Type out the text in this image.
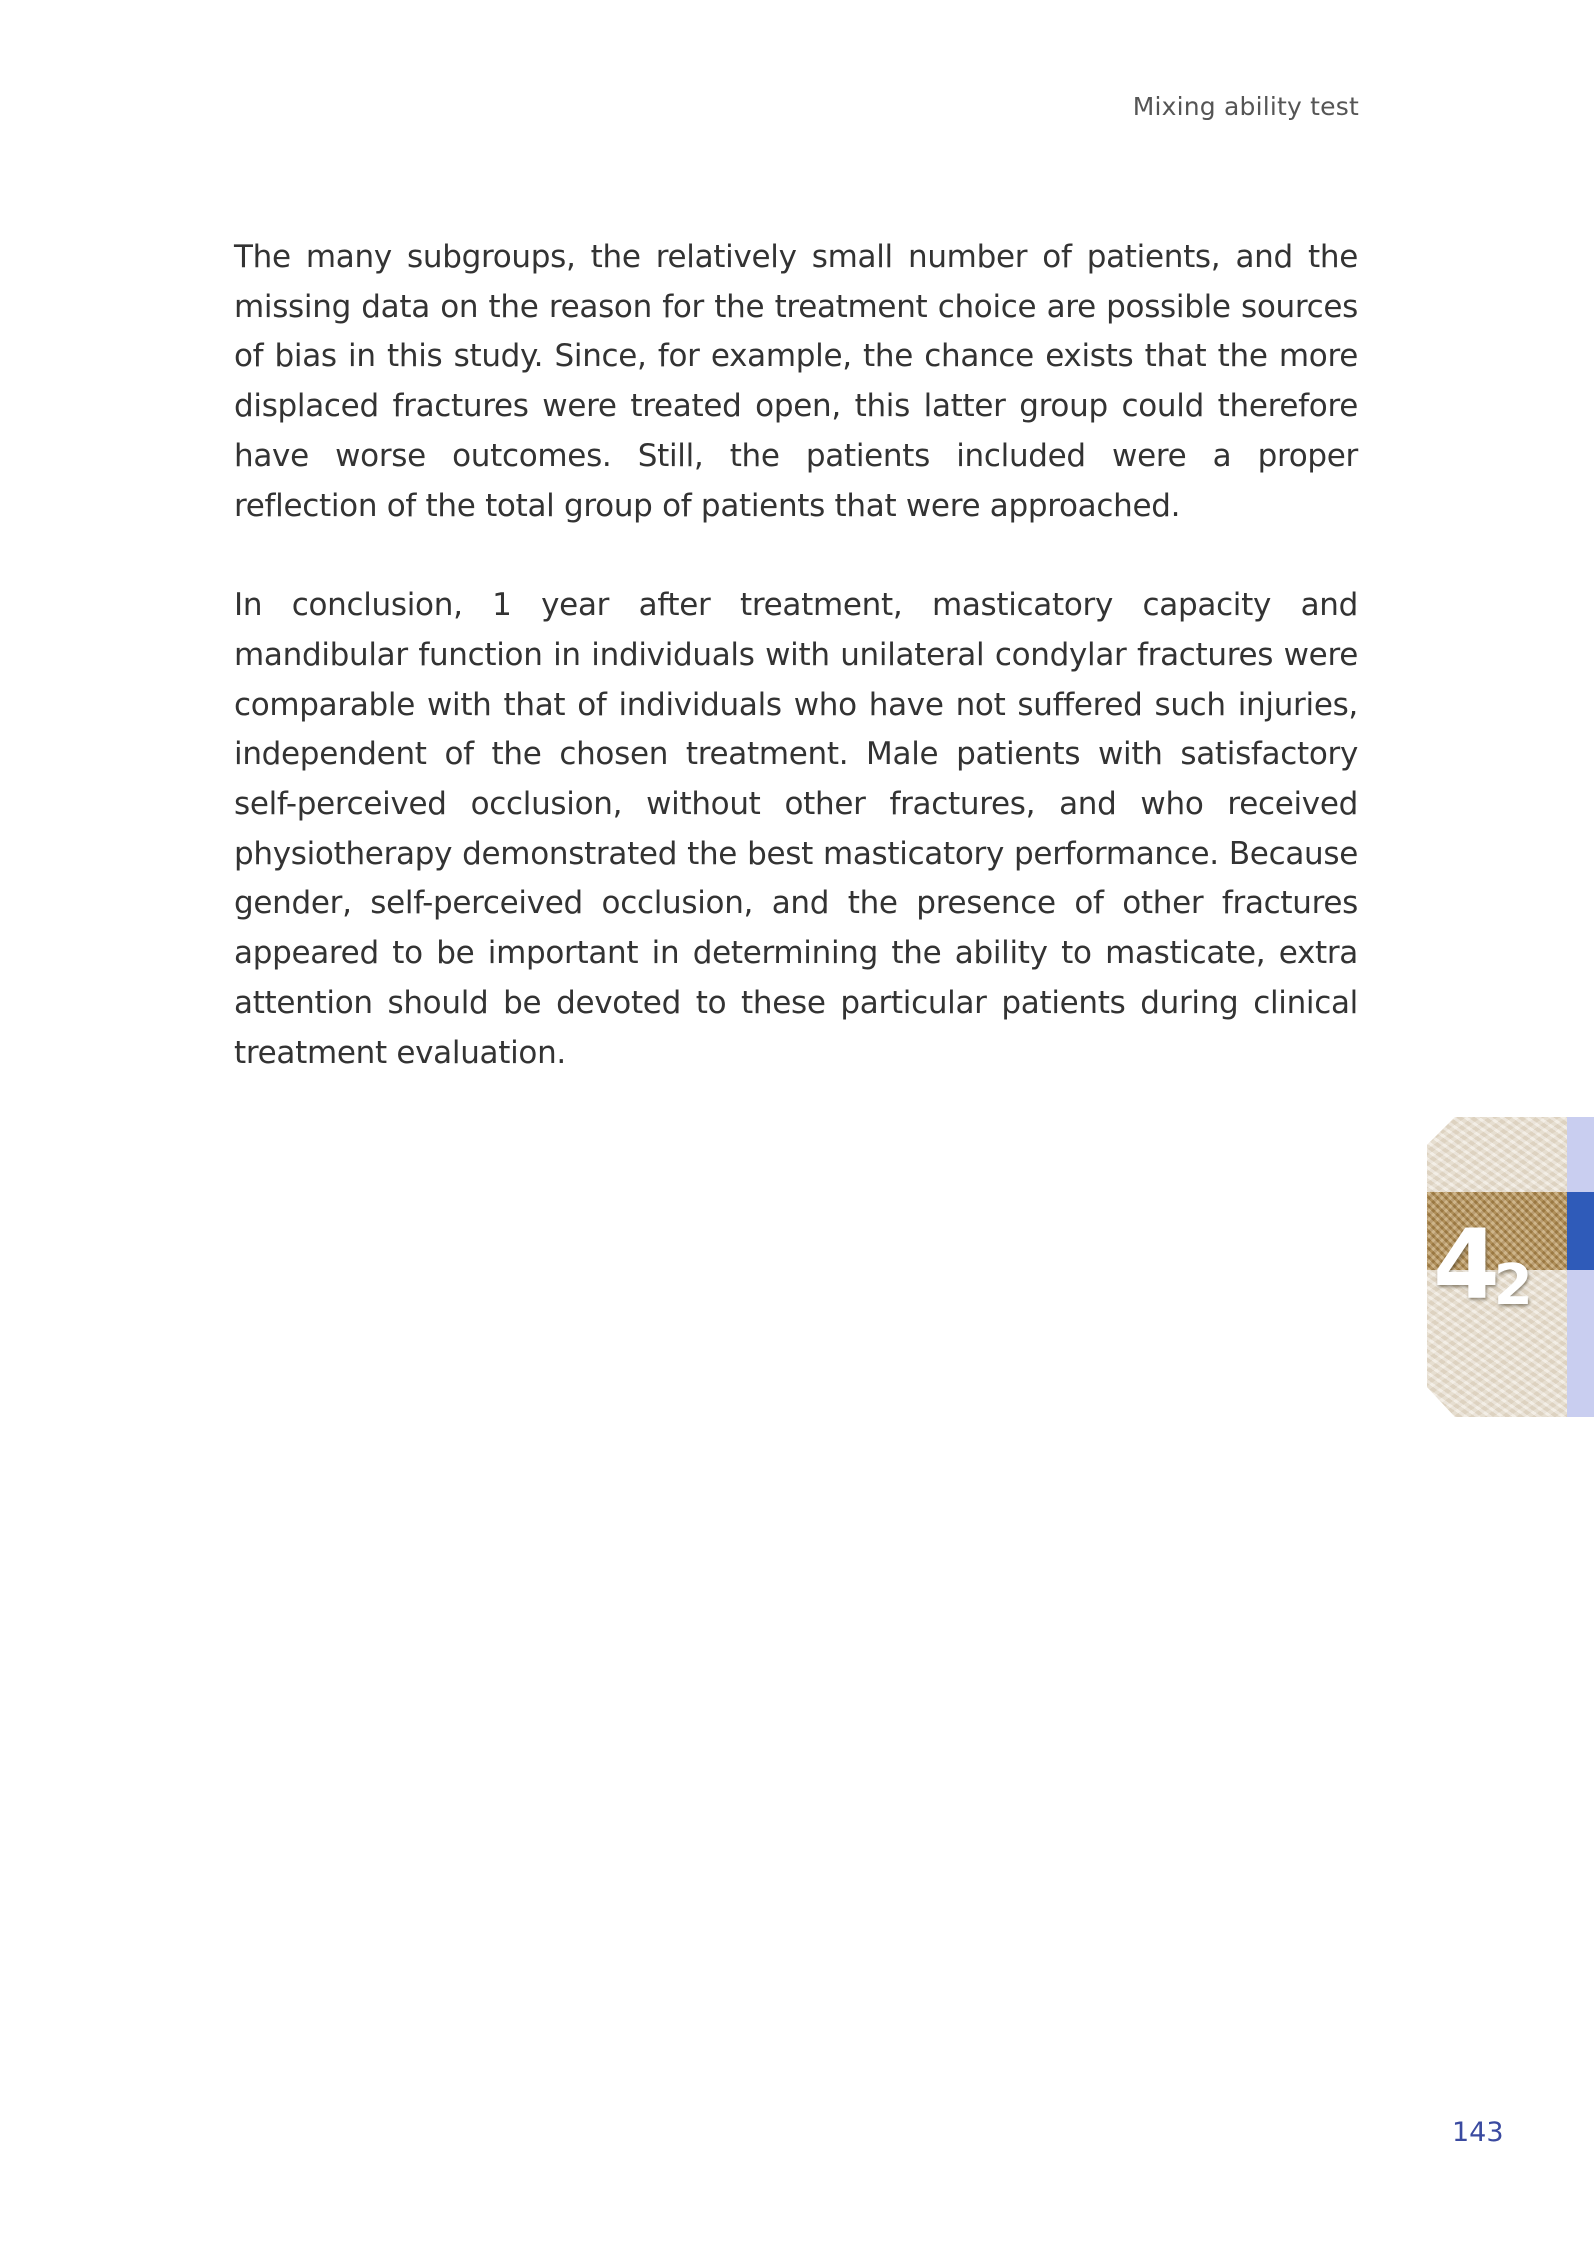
Mixing ability test

The many subgroups, the relatively small number of patients, and the missing data on the reason for the treatment choice are possible sources of bias in this study. Since, for example, the chance exists that the more displaced fractures were treated open, this latter group could therefore have worse outcomes. Still, the patients included were a proper reflection of the total group of patients that were approached.

In conclusion, 1 year after treatment, masticatory capacity and mandibular function in individuals with unilateral condylar fractures were comparable with that of individuals who have not suffered such injuries, independent of the chosen treatment. Male patients with satisfactory self-perceived occlusion, without other fractures, and who received physiotherapy demonstrated the best masticatory performance. Because gender, self-perceived occlusion, and the presence of other fractures appeared to be important in determining the ability to masticate, extra attention should be devoted to these particular patients during clinical treatment evaluation.

42
143
